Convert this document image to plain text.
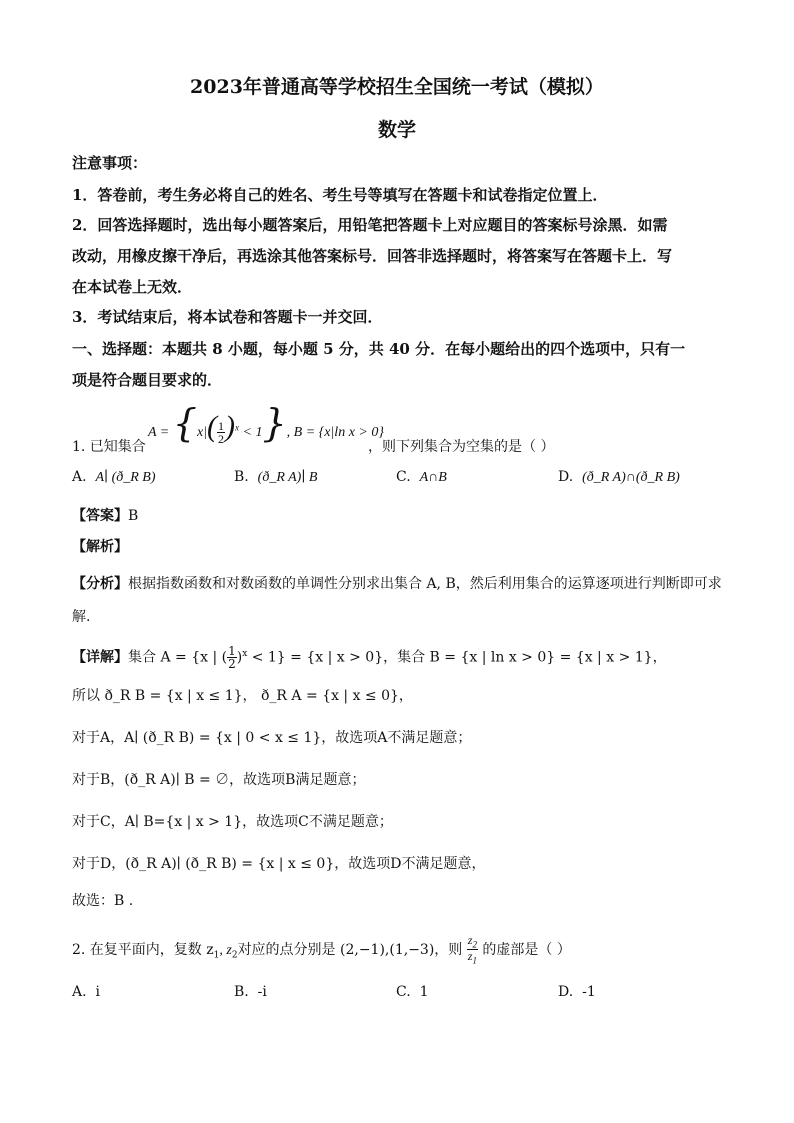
2023年普通高等学校招生全国统一考试（模拟）
数学
注意事项：
1．答卷前，考生务必将自己的姓名、考生号等填写在答题卡和试卷指定位置上．
2．回答选择题时，选出每小题答案后，用铅笔把答题卡上对应题目的答案标号涂黑．如需
改动，用橡皮擦干净后，再选涂其他答案标号．回答非选择题时，将答案写在答题卡上．写
在本试卷上无效．
3．考试结束后，将本试卷和答题卡一并交回．
一、选择题：本题共 8 小题，每小题 5 分，共 40 分．在每小题给出的四个选项中，只有一
项是符合题目要求的．
1. 已知集合
$A = \{x|( \frac{1}{2} )^x < 1\}$, B = {x|ln x > 0}
，则下列集合为空集的是（ ）
A. A∣ (ð_R B)	B. (ð_R A)∣ B	C. A∩B	D. (ð_R A)∩(ð_R B)
【答案】B
【解析】
【分析】根据指数函数和对数函数的单调性分别求出集合 A, B，然后利用集合的运算逐项进行判断即可求
解.
【详解】集合 A = {x | ( $\frac{1}{2} )^x < 1\} = \{x$ | x > 0}，集合 B = {x | ln x > 0} = {x | x > 1}，
所以 ð_R B = {x | x ≤ 1}， ð_R A = {x | x ≤ 0}，
对于A，A∣ (ð_R B) = {x | 0 < x ≤ 1}，故选项A不满足题意；
对于B，(ð_R A)∣ B = ∅，故选项B满足题意；
对于C，A∣ B={x | x > 1}，故选项C不满足题意；
对于D，(ð_R A)∣ (ð_R B) = {x | x ≤ 0}，故选项D不满足题意，
故选：B .
2. 在复平面内，复数 $z_1$, $z_2$对应的点分别是 (2,−1),(1,−3)，则 $\frac{z_2}{z_1}$ 的虚部是（ ）
A. i	B. -i	C. 1	D. -1
